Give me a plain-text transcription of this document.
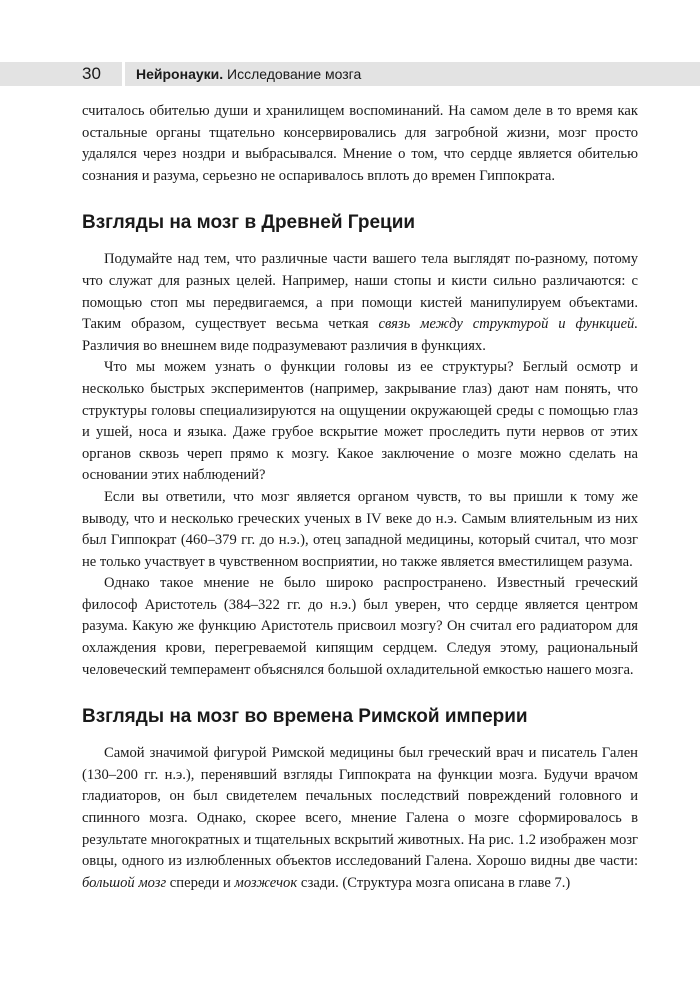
30	Нейронауки. Исследование мозга

считалось обителью души и хранилищем воспоминаний. На самом деле в то время как остальные органы тщательно консервировались для загробной жизни, мозг просто удалялся через ноздри и выбрасывался. Мнение о том, что сердце является обителью сознания и разума, серьезно не оспаривалось вплоть до времен Гиппократа.

Взгляды на мозг в Древней Греции

Подумайте над тем, что различные части вашего тела выглядят по-разному, потому что служат для разных целей. Например, наши стопы и кисти сильно различаются: с помощью стоп мы передвигаемся, а при помощи кистей манипулируем объектами. Таким образом, существует весьма четкая связь между структурой и функцией. Различия во внешнем виде подразумевают различия в функциях.

Что мы можем узнать о функции головы из ее структуры? Беглый осмотр и несколько быстрых экспериментов (например, закрывание глаз) дают нам понять, что структуры головы специализируются на ощущении окружающей среды с помощью глаз и ушей, носа и языка. Даже грубое вскрытие может проследить пути нервов от этих органов сквозь череп прямо к мозгу. Какое заключение о мозге можно сделать на основании этих наблюдений?

Если вы ответили, что мозг является органом чувств, то вы пришли к тому же выводу, что и несколько греческих ученых в IV веке до н.э. Самым влиятельным из них был Гиппократ (460–379 гг. до н.э.), отец западной медицины, который считал, что мозг не только участвует в чувственном восприятии, но также является вместилищем разума.

Однако такое мнение не было широко распространено. Известный греческий философ Аристотель (384–322 гг. до н.э.) был уверен, что сердце является центром разума. Какую же функцию Аристотель присвоил мозгу? Он считал его радиатором для охлаждения крови, перегреваемой кипящим сердцем. Следуя этому, рациональный человеческий темперамент объяснялся большой охладительной емкостью нашего мозга.

Взгляды на мозг во времена Римской империи

Самой значимой фигурой Римской медицины был греческий врач и писатель Гален (130–200 гг. н.э.), перенявший взгляды Гиппократа на функции мозга. Будучи врачом гладиаторов, он был свидетелем печальных последствий повреждений головного и спинного мозга. Однако, скорее всего, мнение Галена о мозге сформировалось в результате многократных и тщательных вскрытий животных. На рис. 1.2 изображен мозг овцы, одного из излюбленных объектов исследований Галена. Хорошо видны две части: большой мозг спереди и мозжечок сзади. (Структура мозга описана в главе 7.)
